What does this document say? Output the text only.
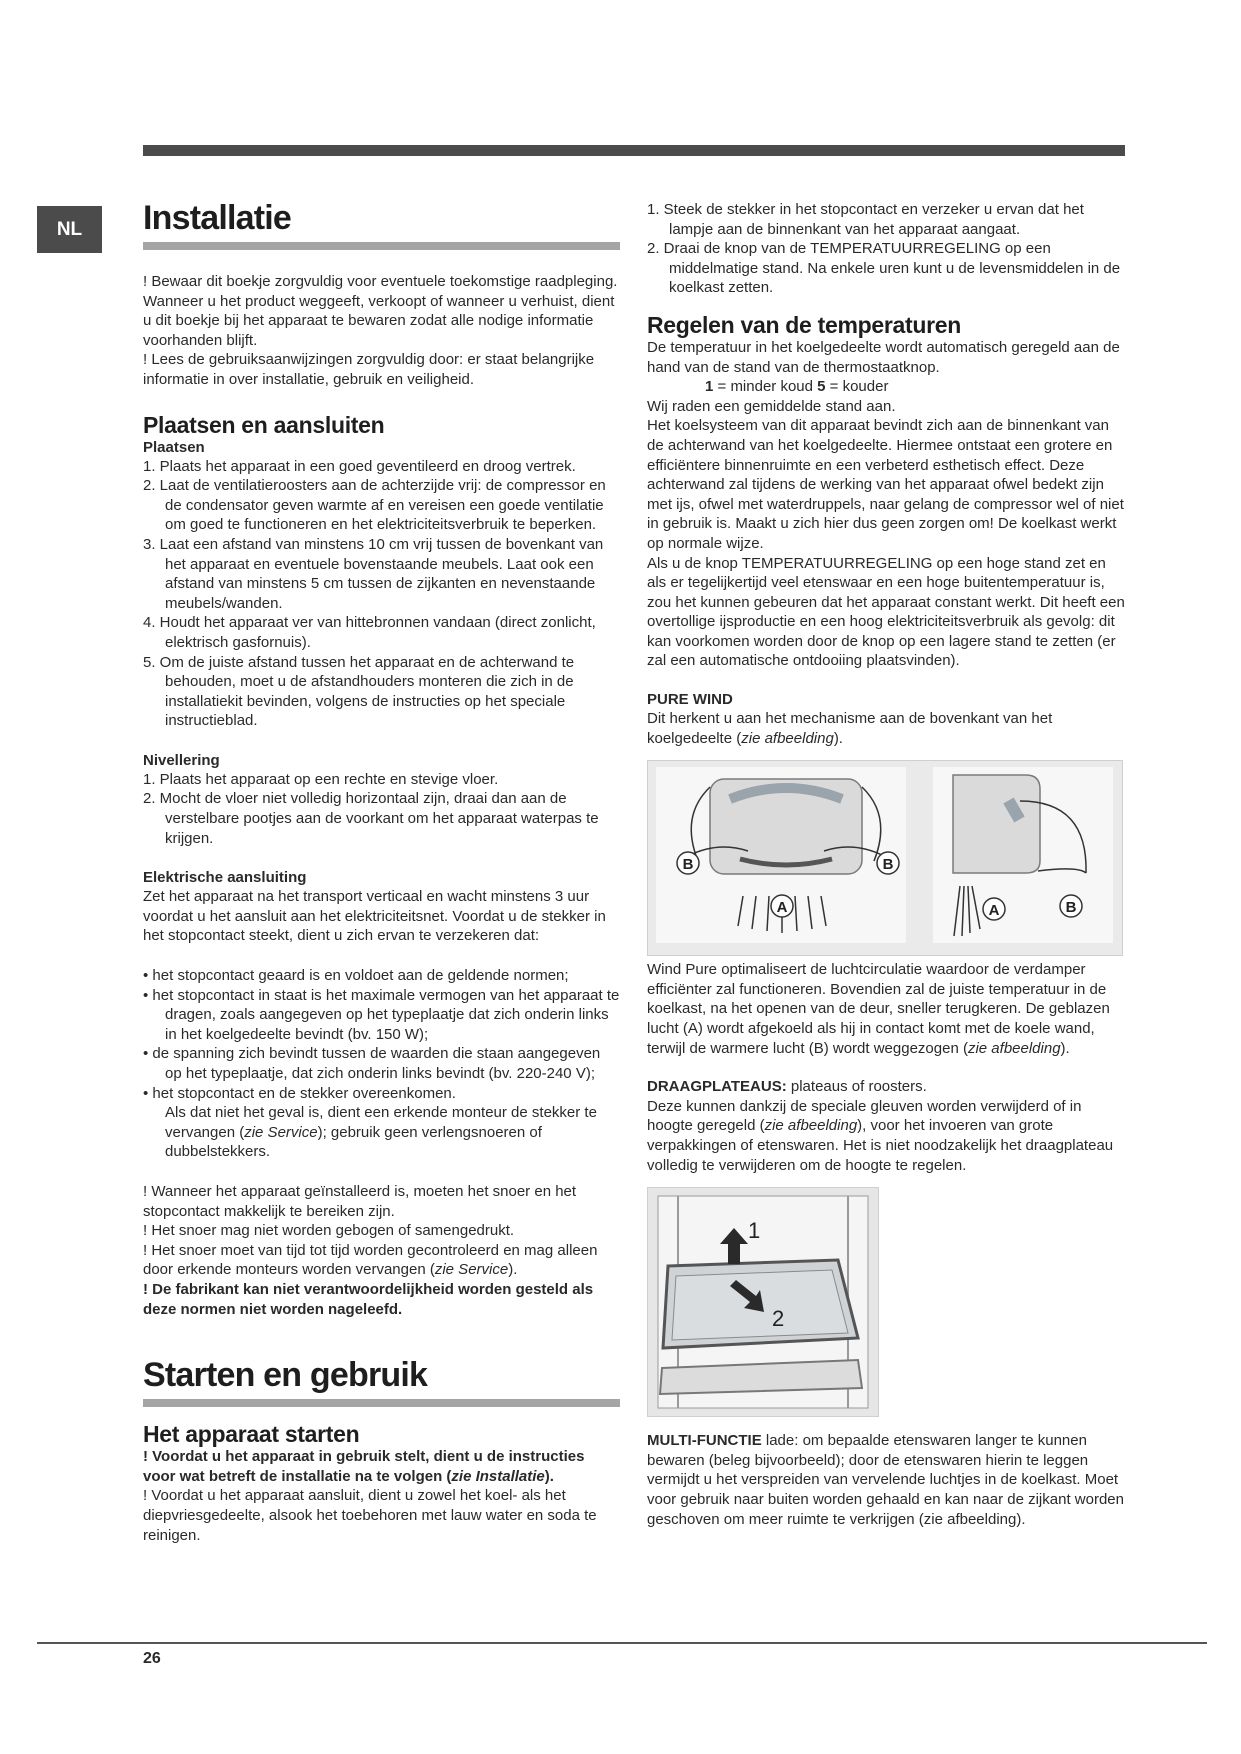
NL	Installatie

! Bewaar dit boekje zorgvuldig voor eventuele toekomstige raadpleging. Wanneer u het product weggeeft, verkoopt of wanneer u verhuist, dient u dit boekje bij het apparaat te bewaren zodat alle nodige informatie voorhanden blijft.

! Lees de gebruiksaanwijzingen zorgvuldig door: er staat belangrijke informatie in over installatie, gebruik en veiligheid.

Plaatsen en aansluiten
Plaatsen

1. Plaats het apparaat in een goed geventileerd en droog vertrek.

2. Laat de ventilatieroosters aan de achterzijde vrij: de compressor en de condensator geven warmte af en vereisen een goede ventilatie om goed te functioneren en het elektriciteitsverbruik te beperken.

3. Laat een afstand van minstens 10 cm vrij tussen de bovenkant van het apparaat en eventuele bovenstaande meubels. Laat ook een afstand van minstens 5 cm tussen de zijkanten en nevenstaande meubels/wanden.

4. Houdt het apparaat ver van hittebronnen vandaan (direct zonlicht, elektrisch gasfornuis).

5. Om de juiste afstand tussen het apparaat en de achterwand te behouden, moet u de afstandhouders monteren die zich in de installatiekit bevinden, volgens de instructies op het speciale instructieblad.

Nivellering

1. Plaats het apparaat op een rechte en stevige vloer.

2. Mocht de vloer niet volledig horizontaal zijn, draai dan aan de verstelbare pootjes aan de voorkant om het apparaat waterpas te krijgen.

Elektrische aansluiting

Zet het apparaat na het transport verticaal en wacht minstens 3 uur voordat u het aansluit aan het elektriciteitsnet. Voordat u de stekker in het stopcontact steekt, dient u zich ervan te verzekeren dat:

• het stopcontact geaard is en voldoet aan de geldende normen;

• het stopcontact in staat is het maximale vermogen van het apparaat te dragen, zoals aangegeven op het typeplaatje dat zich onderin links in het koelgedeelte bevindt (bv. 150 W);

• de spanning zich bevindt tussen de waarden die staan aangegeven op het typeplaatje, dat zich onderin links bevindt (bv. 220-240 V);

• het stopcontact en de stekker overeenkomen.

Als dat niet het geval is, dient een erkende monteur de stekker te vervangen (zie Service); gebruik geen verlengsnoeren of dubbelstekkers.

! Wanneer het apparaat geïnstalleerd is, moeten het snoer en het stopcontact makkelijk te bereiken zijn.

! Het snoer mag niet worden gebogen of samengedrukt.

! Het snoer moet van tijd tot tijd worden gecontroleerd en mag alleen door erkende monteurs worden vervangen (zie Service).

! De fabrikant kan niet verantwoordelijkheid worden gesteld als deze normen niet worden nageleefd.

Starten en gebruik
Het apparaat starten

! Voordat u het apparaat in gebruik stelt, dient u de instructies voor wat betreft de installatie na te volgen (zie Installatie).

! Voordat u het apparaat aansluit, dient u zowel het koel- als het diepvriesgedeelte, alsook het toebehoren met lauw water en soda te reinigen.

1. Steek de stekker in het stopcontact en verzeker u ervan dat het lampje aan de binnenkant van het apparaat aangaat.

2. Draai de knop van de TEMPERATUURREGELING op een middelmatige stand. Na enkele uren kunt u de levensmiddelen in de koelkast zetten.

Regelen van de temperaturen

De temperatuur in het koelgedeelte wordt automatisch geregeld aan de hand van de stand van de thermostaatknop.

1 = minder koud 5 = kouder

Wij raden een gemiddelde stand aan.

Het koelsysteem van dit apparaat bevindt zich aan de binnenkant van de achterwand van het koelgedeelte. Hiermee ontstaat een grotere en efficiëntere binnenruimte en een verbeterd esthetisch effect. Deze achterwand zal tijdens de werking van het apparaat ofwel bedekt zijn met ijs, ofwel met waterdruppels, naar gelang de compressor wel of niet in gebruik is. Maakt u zich hier dus geen zorgen om! De koelkast werkt op normale wijze.

Als u de knop TEMPERATUURREGELING op een hoge stand zet en als er tegelijkertijd veel etenswaar en een hoge buitentemperatuur is, zou het kunnen gebeuren dat het apparaat constant werkt. Dit heeft een overtollige ijsproductie en een hoog elektriciteitsverbruik als gevolg: dit kan voorkomen worden door de knop op een lagere stand te zetten (er zal een automatische ontdooiing plaatsvinden).

PURE WIND

Dit herkent u aan het mechanisme aan de bovenkant van het koelgedeelte (zie afbeelding).

B	B
A	A	B

Wind Pure optimaliseert de luchtcirculatie waardoor de verdamper efficiënter zal functioneren. Bovendien zal de juiste temperatuur in de koelkast, na het openen van de deur, sneller terugkeren. De geblazen lucht (A) wordt afgekoeld als hij in contact komt met de koele wand, terwijl de warmere lucht (B) wordt weggezogen (zie afbeelding).

DRAAGPLATEAUS: plateaus of roosters.

Deze kunnen dankzij de speciale gleuven worden verwijderd of in hoogte geregeld (zie afbeelding), voor het invoeren van grote verpakkingen of etenswaren. Het is niet noodzakelijk het draagplateau volledig te verwijderen om de hoogte te regelen.

1
2

MULTI-FUNCTIE lade: om bepaalde etenswaren langer te kunnen bewaren (beleg bijvoorbeeld); door de etenswaren hierin te leggen vermijdt u het verspreiden van vervelende luchtjes in de koelkast. Moet voor gebruik naar buiten worden gehaald en kan naar de zijkant worden geschoven om meer ruimte te verkrijgen (zie afbeelding).

26
